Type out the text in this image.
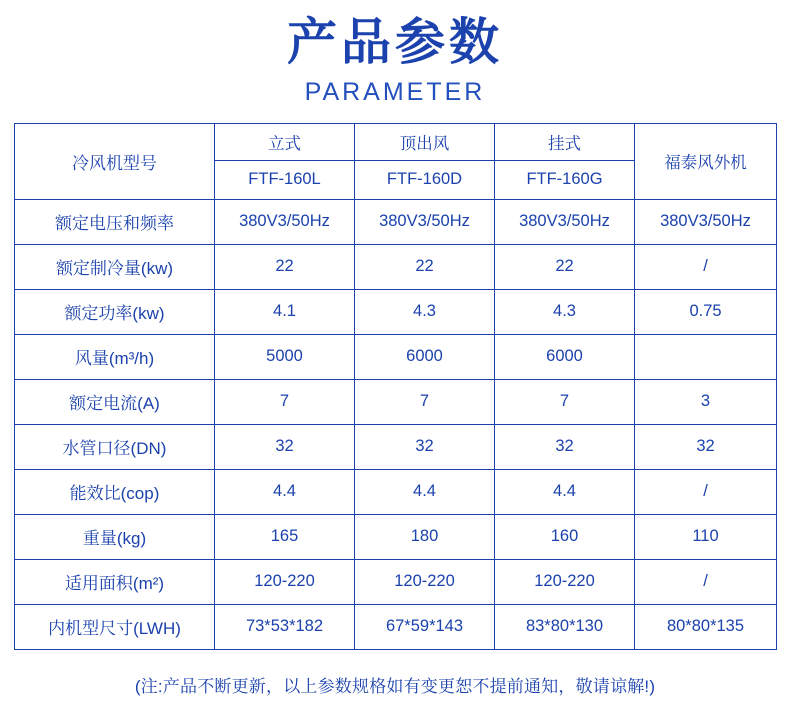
产品参数
PARAMETER
冷风机型号	立式	顶出风	挂式	福泰风外机
	FTF-160L	FTF-160D	FTF-160G	
额定电压和频率	380V3/50Hz	380V3/50Hz	380V3/50Hz	380V3/50Hz
额定制冷量(kw)	22	22	22	/
额定功率(kw)	4.1	4.3	4.3	0.75
风量(m³/h)	5000	6000	6000	
额定电流(A)	7	7	7	3
水管口径(DN)	32	32	32	32
能效比(cop)	4.4	4.4	4.4	/
重量(kg)	165	180	160	110
适用面积(m²)	120-220	120-220	120-220	/
内机型尺寸(LWH)	73*53*182	67*59*143	83*80*130	80*80*135
(注:产品不断更新，以上参数规格如有变更恕不提前通知，敬请谅解!)
